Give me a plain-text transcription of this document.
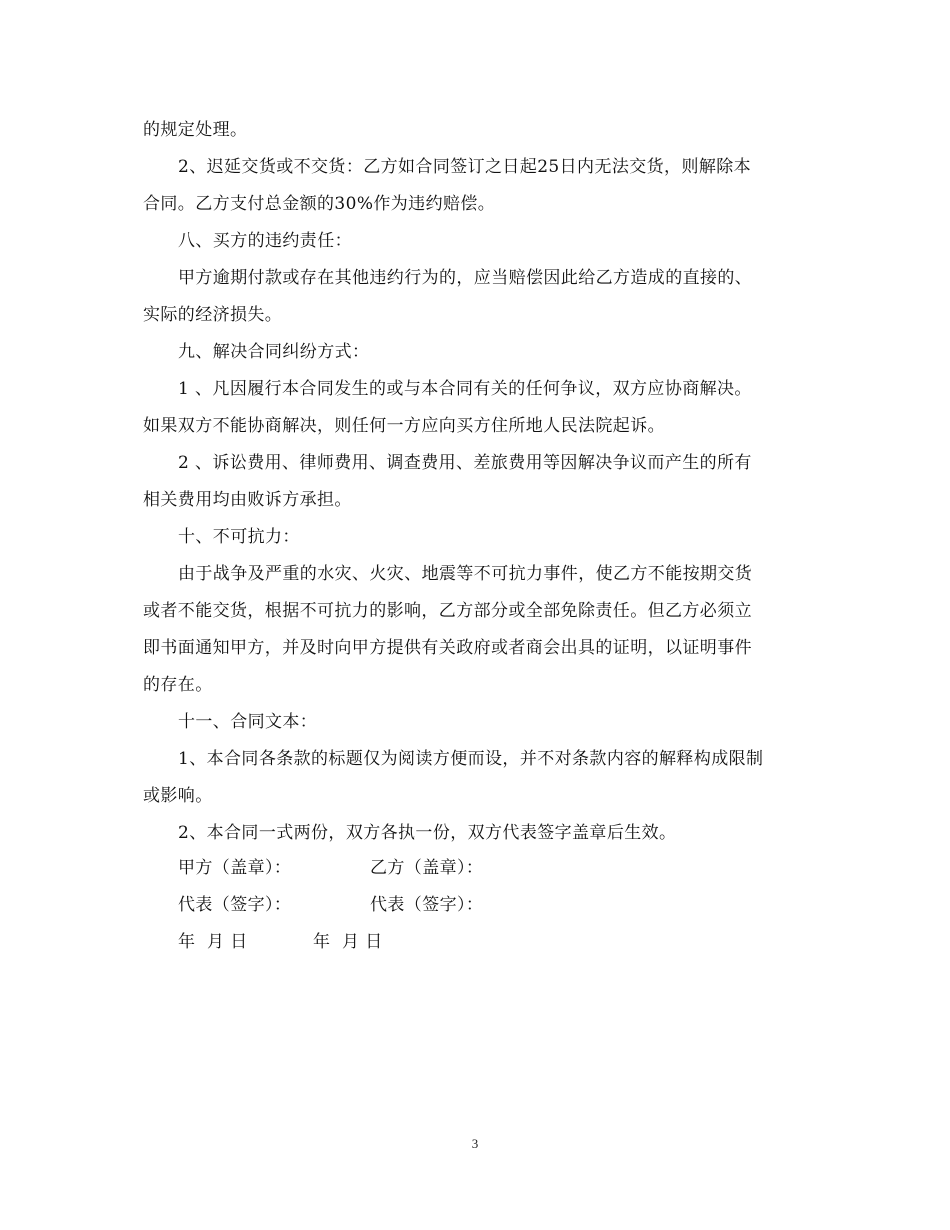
的规定处理。
2、迟延交货或不交货：乙方如合同签订之日起25日内无法交货，则解除本
合同。乙方支付总金额的30%作为违约赔偿。
八、买方的违约责任：
甲方逾期付款或存在其他违约行为的，应当赔偿因此给乙方造成的直接的、
实际的经济损失。
九、解决合同纠纷方式：
1 、凡因履行本合同发生的或与本合同有关的任何争议，双方应协商解决。
如果双方不能协商解决，则任何一方应向买方住所地人民法院起诉。
2 、诉讼费用、律师费用、调查费用、差旅费用等因解决争议而产生的所有
相关费用均由败诉方承担。
十、不可抗力：
由于战争及严重的水灾、火灾、地震等不可抗力事件，使乙方不能按期交货
或者不能交货，根据不可抗力的影响，乙方部分或全部免除责任。但乙方必须立
即书面通知甲方，并及时向甲方提供有关政府或者商会出具的证明，以证明事件
的存在。
十一、合同文本：
1、本合同各条款的标题仅为阅读方便而设，并不对条款内容的解释构成限制
或影响。
2、本合同一式两份，双方各执一份，双方代表签字盖章后生效。
甲方（盖章）：	乙方（盖章）：
代表（签字）：	代表（签字）：
年  月 日	年  月 日
3
